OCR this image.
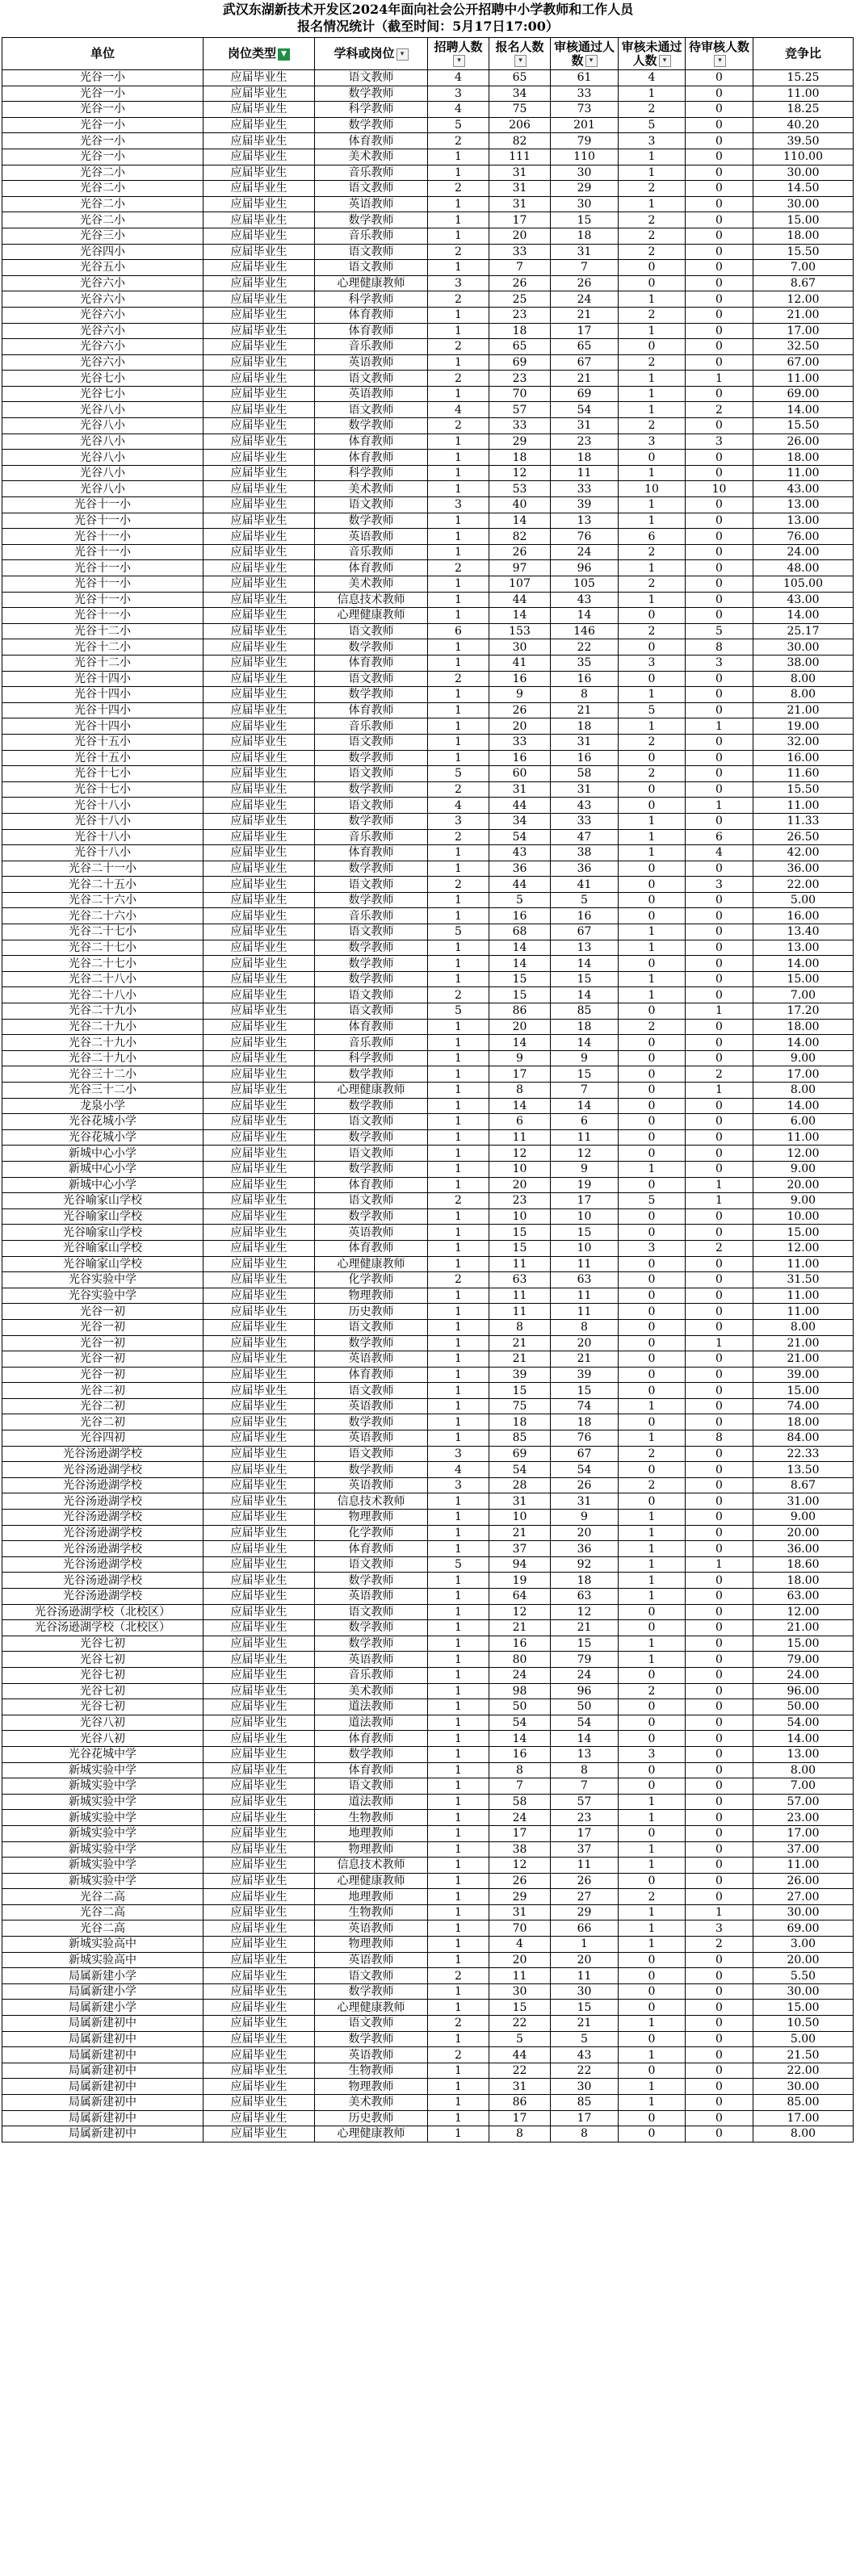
武汉东湖新技术开发区2024年面向社会公开招聘中小学教师和工作人员
报名情况统计（截至时间：5月17日17:00）
单位	岗位类型 ▼	学科或岗位 ▾	招聘人数▾	报名人数▾	审核通过人数 ▾	审核未通过人数 ▾	待审核人数▾	竞争比
光谷一小	应届毕业生	语文教师	4	65	61	4	0	15.25
光谷一小	应届毕业生	数学教师	3	34	33	1	0	11.00
光谷一小	应届毕业生	科学教师	4	75	73	2	0	18.25
光谷一小	应届毕业生	数学教师	5	206	201	5	0	40.20
光谷一小	应届毕业生	体育教师	2	82	79	3	0	39.50
光谷一小	应届毕业生	美术教师	1	111	110	1	0	110.00
光谷二小	应届毕业生	音乐教师	1	31	30	1	0	30.00
光谷二小	应届毕业生	语文教师	2	31	29	2	0	14.50
光谷二小	应届毕业生	英语教师	1	31	30	1	0	30.00
光谷二小	应届毕业生	数学教师	1	17	15	2	0	15.00
光谷三小	应届毕业生	音乐教师	1	20	18	2	0	18.00
光谷四小	应届毕业生	语文教师	2	33	31	2	0	15.50
光谷五小	应届毕业生	语文教师	1	7	7	0	0	7.00
光谷六小	应届毕业生	心理健康教师	3	26	26	0	0	8.67
光谷六小	应届毕业生	科学教师	2	25	24	1	0	12.00
光谷六小	应届毕业生	体育教师	1	23	21	2	0	21.00
光谷六小	应届毕业生	体育教师	1	18	17	1	0	17.00
光谷六小	应届毕业生	音乐教师	2	65	65	0	0	32.50
光谷六小	应届毕业生	英语教师	1	69	67	2	0	67.00
光谷七小	应届毕业生	语文教师	2	23	21	1	1	11.00
光谷七小	应届毕业生	英语教师	1	70	69	1	0	69.00
光谷八小	应届毕业生	语文教师	4	57	54	1	2	14.00
光谷八小	应届毕业生	数学教师	2	33	31	2	0	15.50
光谷八小	应届毕业生	体育教师	1	29	23	3	3	26.00
光谷八小	应届毕业生	体育教师	1	18	18	0	0	18.00
光谷八小	应届毕业生	科学教师	1	12	11	1	0	11.00
光谷八小	应届毕业生	美术教师	1	53	33	10	10	43.00
光谷十一小	应届毕业生	语文教师	3	40	39	1	0	13.00
光谷十一小	应届毕业生	数学教师	1	14	13	1	0	13.00
光谷十一小	应届毕业生	英语教师	1	82	76	6	0	76.00
光谷十一小	应届毕业生	音乐教师	1	26	24	2	0	24.00
光谷十一小	应届毕业生	体育教师	2	97	96	1	0	48.00
光谷十一小	应届毕业生	美术教师	1	107	105	2	0	105.00
光谷十一小	应届毕业生	信息技术教师	1	44	43	1	0	43.00
光谷十一小	应届毕业生	心理健康教师	1	14	14	0	0	14.00
光谷十二小	应届毕业生	语文教师	6	153	146	2	5	25.17
光谷十二小	应届毕业生	数学教师	1	30	22	0	8	30.00
光谷十二小	应届毕业生	体育教师	1	41	35	3	3	38.00
光谷十四小	应届毕业生	语文教师	2	16	16	0	0	8.00
光谷十四小	应届毕业生	数学教师	1	9	8	1	0	8.00
光谷十四小	应届毕业生	体育教师	1	26	21	5	0	21.00
光谷十四小	应届毕业生	音乐教师	1	20	18	1	1	19.00
光谷十五小	应届毕业生	语文教师	1	33	31	2	0	32.00
光谷十五小	应届毕业生	数学教师	1	16	16	0	0	16.00
光谷十七小	应届毕业生	语文教师	5	60	58	2	0	11.60
光谷十七小	应届毕业生	数学教师	2	31	31	0	0	15.50
光谷十八小	应届毕业生	语文教师	4	44	43	0	1	11.00
光谷十八小	应届毕业生	数学教师	3	34	33	1	0	11.33
光谷十八小	应届毕业生	音乐教师	2	54	47	1	6	26.50
光谷十八小	应届毕业生	体育教师	1	43	38	1	4	42.00
光谷二十一小	应届毕业生	数学教师	1	36	36	0	0	36.00
光谷二十五小	应届毕业生	语文教师	2	44	41	0	3	22.00
光谷二十六小	应届毕业生	数学教师	1	5	5	0	0	5.00
光谷二十六小	应届毕业生	音乐教师	1	16	16	0	0	16.00
光谷二十七小	应届毕业生	语文教师	5	68	67	1	0	13.40
光谷二十七小	应届毕业生	数学教师	1	14	13	1	0	13.00
光谷二十七小	应届毕业生	数学教师	1	14	14	0	0	14.00
光谷二十八小	应届毕业生	数学教师	1	15	15	1	0	15.00
光谷二十八小	应届毕业生	语文教师	2	15	14	1	0	7.00
光谷二十九小	应届毕业生	语文教师	5	86	85	0	1	17.20
光谷二十九小	应届毕业生	体育教师	1	20	18	2	0	18.00
光谷二十九小	应届毕业生	音乐教师	1	14	14	0	0	14.00
光谷二十九小	应届毕业生	科学教师	1	9	9	0	0	9.00
光谷三十二小	应届毕业生	数学教师	1	17	15	0	2	17.00
光谷三十二小	应届毕业生	心理健康教师	1	8	7	0	1	8.00
龙泉小学	应届毕业生	数学教师	1	14	14	0	0	14.00
光谷花城小学	应届毕业生	语文教师	1	6	6	0	0	6.00
光谷花城小学	应届毕业生	数学教师	1	11	11	0	0	11.00
新城中心小学	应届毕业生	语文教师	1	12	12	0	0	12.00
新城中心小学	应届毕业生	数学教师	1	10	9	1	0	9.00
新城中心小学	应届毕业生	体育教师	1	20	19	0	1	20.00
光谷喻家山学校	应届毕业生	语文教师	2	23	17	5	1	9.00
光谷喻家山学校	应届毕业生	数学教师	1	10	10	0	0	10.00
光谷喻家山学校	应届毕业生	英语教师	1	15	15	0	0	15.00
光谷喻家山学校	应届毕业生	体育教师	1	15	10	3	2	12.00
光谷喻家山学校	应届毕业生	心理健康教师	1	11	11	0	0	11.00
光谷实验中学	应届毕业生	化学教师	2	63	63	0	0	31.50
光谷实验中学	应届毕业生	物理教师	1	11	11	0	0	11.00
光谷一初	应届毕业生	历史教师	1	11	11	0	0	11.00
光谷一初	应届毕业生	语文教师	1	8	8	0	0	8.00
光谷一初	应届毕业生	数学教师	1	21	20	0	1	21.00
光谷一初	应届毕业生	英语教师	1	21	21	0	0	21.00
光谷一初	应届毕业生	体育教师	1	39	39	0	0	39.00
光谷二初	应届毕业生	语文教师	1	15	15	0	0	15.00
光谷二初	应届毕业生	英语教师	1	75	74	1	0	74.00
光谷二初	应届毕业生	数学教师	1	18	18	0	0	18.00
光谷四初	应届毕业生	英语教师	1	85	76	1	8	84.00
光谷汤逊湖学校	应届毕业生	语文教师	3	69	67	2	0	22.33
光谷汤逊湖学校	应届毕业生	数学教师	4	54	54	0	0	13.50
光谷汤逊湖学校	应届毕业生	英语教师	3	28	26	2	0	8.67
光谷汤逊湖学校	应届毕业生	信息技术教师	1	31	31	0	0	31.00
光谷汤逊湖学校	应届毕业生	物理教师	1	10	9	1	0	9.00
光谷汤逊湖学校	应届毕业生	化学教师	1	21	20	1	0	20.00
光谷汤逊湖学校	应届毕业生	体育教师	1	37	36	1	0	36.00
光谷汤逊湖学校	应届毕业生	语文教师	5	94	92	1	1	18.60
光谷汤逊湖学校	应届毕业生	数学教师	1	19	18	1	0	18.00
光谷汤逊湖学校	应届毕业生	英语教师	1	64	63	1	0	63.00
光谷汤逊湖学校（北校区）	应届毕业生	语文教师	1	12	12	0	0	12.00
光谷汤逊湖学校（北校区）	应届毕业生	数学教师	1	21	21	0	0	21.00
光谷七初	应届毕业生	数学教师	1	16	15	1	0	15.00
光谷七初	应届毕业生	英语教师	1	80	79	1	0	79.00
光谷七初	应届毕业生	音乐教师	1	24	24	0	0	24.00
光谷七初	应届毕业生	美术教师	1	98	96	2	0	96.00
光谷七初	应届毕业生	道法教师	1	50	50	0	0	50.00
光谷八初	应届毕业生	道法教师	1	54	54	0	0	54.00
光谷八初	应届毕业生	体育教师	1	14	14	0	0	14.00
光谷花城中学	应届毕业生	数学教师	1	16	13	3	0	13.00
新城实验中学	应届毕业生	体育教师	1	8	8	0	0	8.00
新城实验中学	应届毕业生	语文教师	1	7	7	0	0	7.00
新城实验中学	应届毕业生	道法教师	1	58	57	1	0	57.00
新城实验中学	应届毕业生	生物教师	1	24	23	1	0	23.00
新城实验中学	应届毕业生	地理教师	1	17	17	0	0	17.00
新城实验中学	应届毕业生	物理教师	1	38	37	1	0	37.00
新城实验中学	应届毕业生	信息技术教师	1	12	11	1	0	11.00
新城实验中学	应届毕业生	心理健康教师	1	26	26	0	0	26.00
光谷二高	应届毕业生	地理教师	1	29	27	2	0	27.00
光谷二高	应届毕业生	生物教师	1	31	29	1	1	30.00
光谷二高	应届毕业生	英语教师	1	70	66	1	3	69.00
新城实验高中	应届毕业生	物理教师	1	4	1	1	2	3.00
新城实验高中	应届毕业生	英语教师	1	20	20	0	0	20.00
局属新建小学	应届毕业生	语文教师	2	11	11	0	0	5.50
局属新建小学	应届毕业生	数学教师	1	30	30	0	0	30.00
局属新建小学	应届毕业生	心理健康教师	1	15	15	0	0	15.00
局属新建初中	应届毕业生	语文教师	2	22	21	1	0	10.50
局属新建初中	应届毕业生	数学教师	1	5	5	0	0	5.00
局属新建初中	应届毕业生	英语教师	2	44	43	1	0	21.50
局属新建初中	应届毕业生	生物教师	1	22	22	0	0	22.00
局属新建初中	应届毕业生	物理教师	1	31	30	1	0	30.00
局属新建初中	应届毕业生	美术教师	1	86	85	1	0	85.00
局属新建初中	应届毕业生	历史教师	1	17	17	0	0	17.00
局属新建初中	应届毕业生	心理健康教师	1	8	8	0	0	8.00
